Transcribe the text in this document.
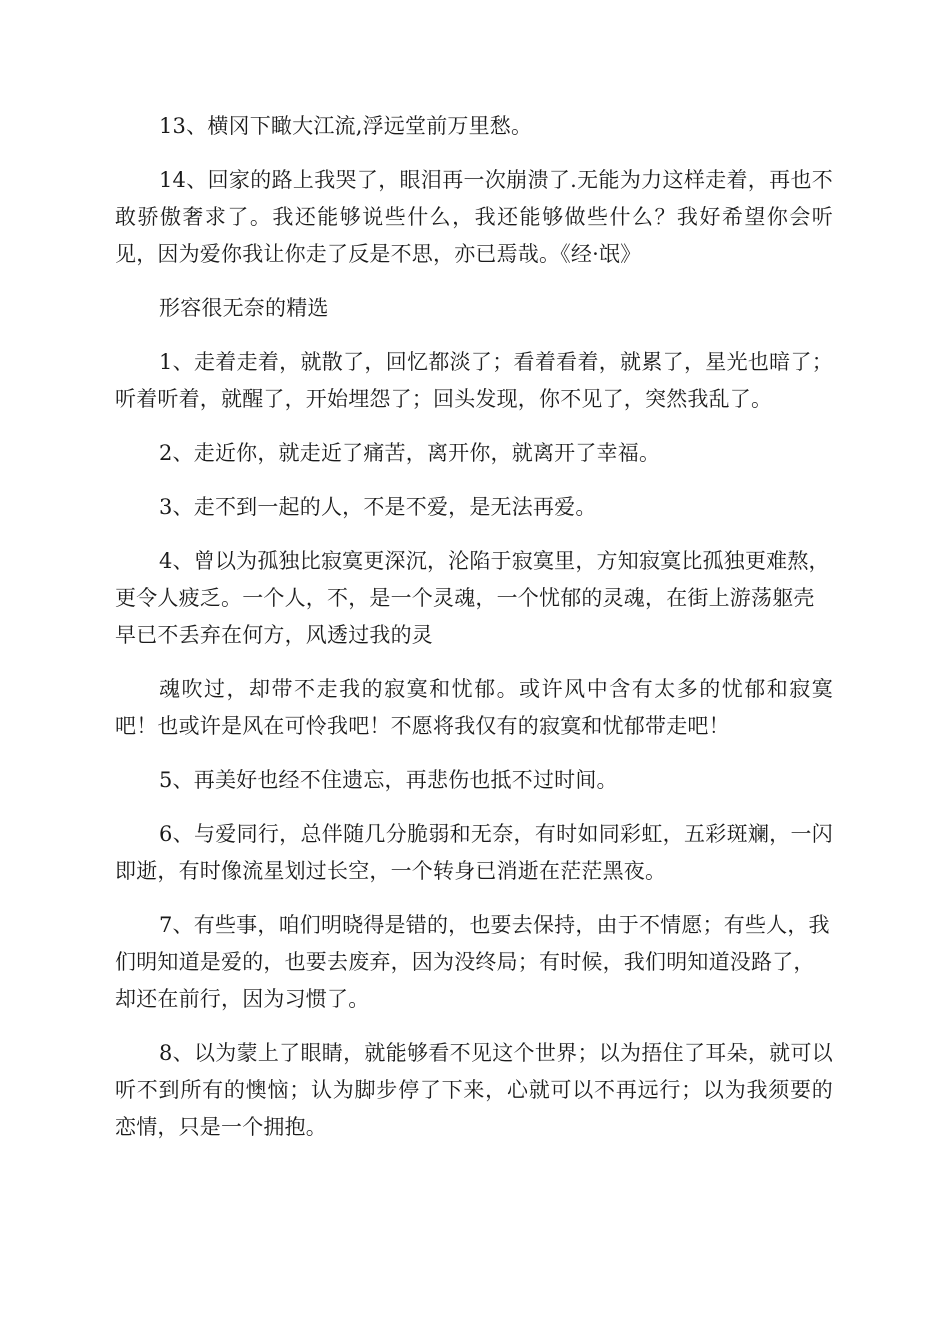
13、横冈下瞰大江流,浮远堂前万里愁。

14、回家的路上我哭了，眼泪再一次崩溃了.无能为力这样走着，再也不敢骄傲奢求了。我还能够说些什么，我还能够做些什么？我好希望你会听见，因为爱你我让你走了反是不思，亦已焉哉。《经·氓》

形容很无奈的精选

1、走着走着，就散了，回忆都淡了；看着看着，就累了，星光也暗了；听着听着，就醒了，开始埋怨了；回头发现，你不见了，突然我乱了。

2、走近你，就走近了痛苦，离开你，就离开了幸福。

3、走不到一起的人，不是不爱，是无法再爱。

4、曾以为孤独比寂寞更深沉，沦陷于寂寞里，方知寂寞比孤独更难熬，更令人疲乏。一个人，不，是一个灵魂，一个忧郁的灵魂，在街上游荡躯壳早已不丢弃在何方，风透过我的灵

魂吹过，却带不走我的寂寞和忧郁。或许风中含有太多的忧郁和寂寞吧！也或许是风在可怜我吧！不愿将我仅有的寂寞和忧郁带走吧！

5、再美好也经不住遗忘，再悲伤也抵不过时间。

6、与爱同行，总伴随几分脆弱和无奈，有时如同彩虹，五彩斑斓，一闪即逝，有时像流星划过长空，一个转身已消逝在茫茫黑夜。

7、有些事，咱们明晓得是错的，也要去保持，由于不情愿；有些人，我们明知道是爱的，也要去废弃，因为没终局；有时候，我们明知道没路了，却还在前行，因为习惯了。

8、以为蒙上了眼睛，就能够看不见这个世界；以为捂住了耳朵，就可以听不到所有的懊恼；认为脚步停了下来，心就可以不再远行；以为我须要的恋情，只是一个拥抱。
